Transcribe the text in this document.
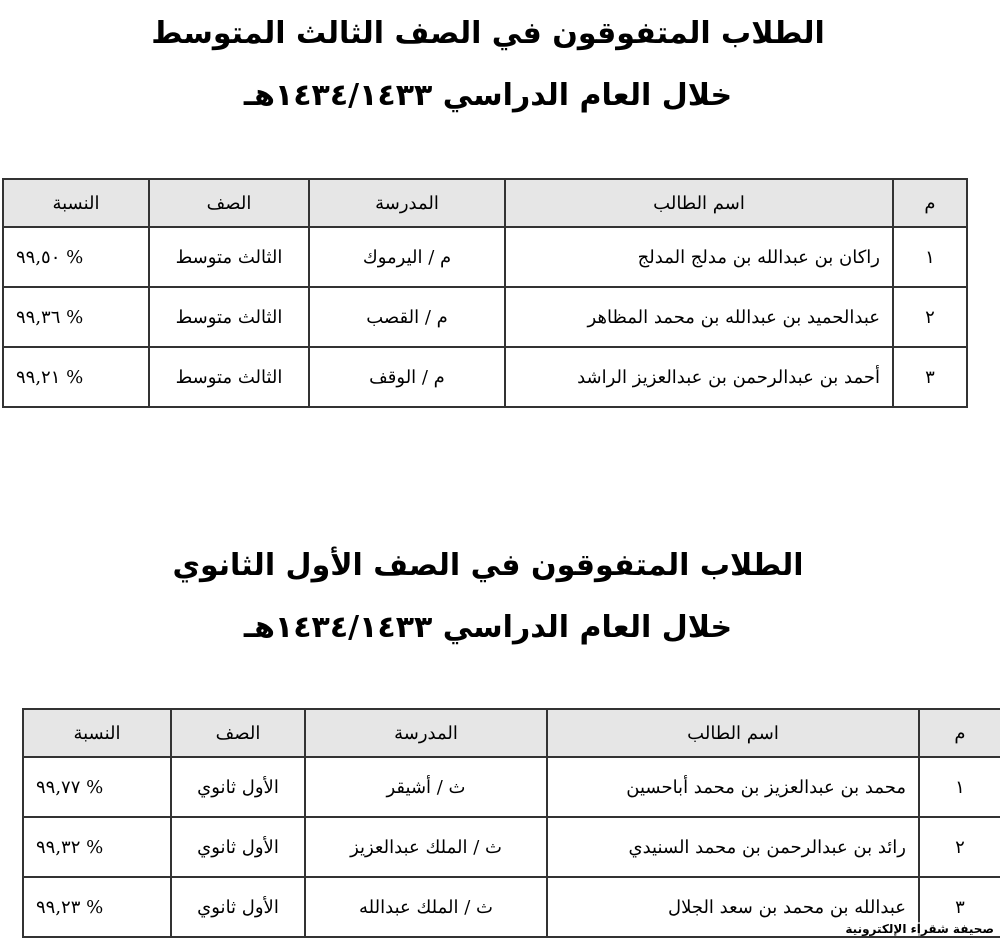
الطلاب المتفوقون في الصف الثالث المتوسط
خلال العام الدراسي ١٤٣٤/١٤٣٣هـ
م	اسم الطالب	المدرسة	الصف	النسبة
١	راكان بن عبدالله بن مدلج المدلج	م / اليرموك	الثالث متوسط	٩٩,٥٠ %
٢	عبدالحميد بن عبدالله بن محمد المظاهر	م / القصب	الثالث متوسط	٩٩,٣٦ %
٣	أحمد بن عبدالرحمن بن عبدالعزيز الراشد	م / الوقف	الثالث متوسط	٩٩,٢١ %
الطلاب المتفوقون في الصف الأول الثانوي
خلال العام الدراسي ١٤٣٤/١٤٣٣هـ
م	اسم الطالب	المدرسة	الصف	النسبة
١	محمد بن عبدالعزيز بن محمد أباحسين	ث / أشيقر	الأول ثانوي	٩٩,٧٧ %
٢	رائد بن عبدالرحمن بن محمد السنيدي	ث / الملك عبدالعزيز	الأول ثانوي	٩٩,٣٢ %
٣	عبدالله بن محمد بن سعد الجلال	ث / الملك عبدالله	الأول ثانوي	٩٩,٢٣ %
صحيفة شقراء الإلكترونية
